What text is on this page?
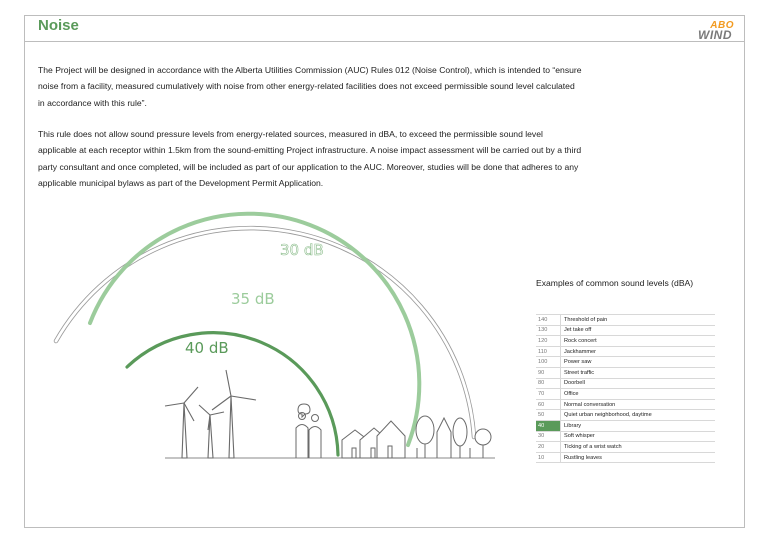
Noise	ABO
WIND

The Project will be designed in accordance with the Alberta Utilities Commission (AUC) Rules 012 (Noise Control), which is intended to “ensure noise from a facility, measured cumulatively with noise from other energy-related facilities does not exceed permissible sound level calculated in accordance with this rule”.

This rule does not allow sound pressure levels from energy-related sources, measured in dBA, to exceed the permissible sound level applicable at each receptor within 1.5km from the sound-emitting Project infrastructure. A noise impact assessment will be carried out by a third party consultant and once completed, will be included as part of our application to the AUC. Moreover, studies will be done that adheres to any applicable municipal bylaws as part of the Development Permit Application.

30 dB
35 dB
40 dB
Examples of common sound levels (dBA)
140	Threshold of pain
130	Jet take off
120	Rock concert
110	Jackhammer
100	Power saw
90	Street traffic
80	Doorbell
70	Office
60	Normal conversation
50	Quiet urban neighborhood, daytime
40	Library
30	Soft whisper
20	Ticking of a wrist watch
10	Rustling leaves
